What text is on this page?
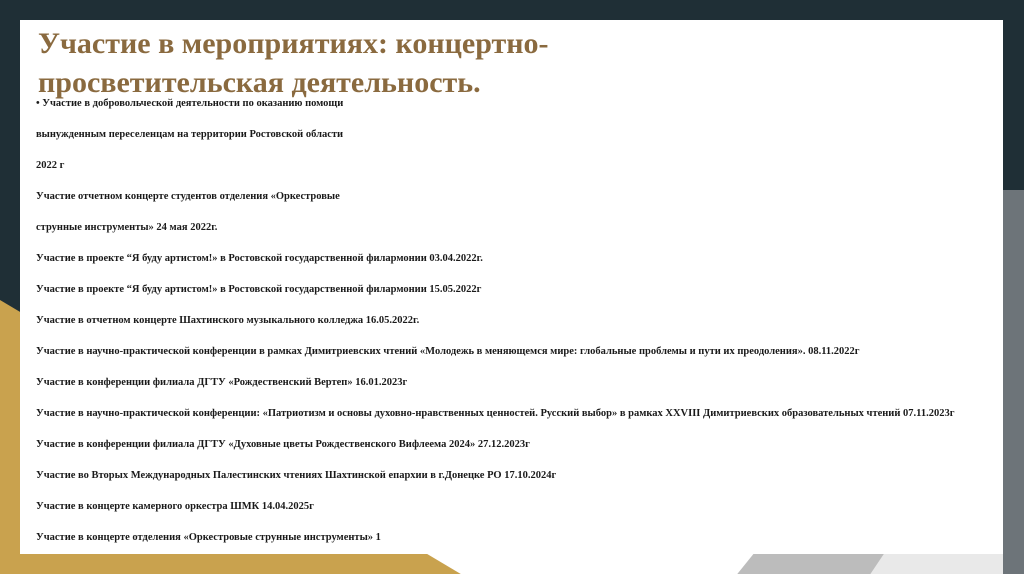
Участие в мероприятиях: концертно-просветительская деятельность.
• Участие в добровольческой деятельности по оказанию помощи
вынужденным переселенцам на территории Ростовской области
2022 г
Участие отчетном концерте студентов отделения «Оркестровые
струнные инструменты» 24 мая 2022г.
Участие в проекте “Я буду артистом!» в Ростовской государственной филармонии 03.04.2022г.
Участие в проекте “Я буду артистом!» в Ростовской государственной филармонии 15.05.2022г
Участие в отчетном концерте Шахтинского музыкального колледжа 16.05.2022г.
Участие в научно-практической конференции в рамках Димитриевских чтений «Молодежь в меняющемся мире: глобальные проблемы и пути их преодоления». 08.11.2022г
Участие в конференции филиала ДГТУ «Рождественский Вертеп» 16.01.2023г
Участие в научно-практической конференции: «Патриотизм и основы духовно-нравственных ценностей. Русский выбор» в рамках XXVIII Димитриевских образовательных чтений 07.11.2023г
Участие в конференции филиала ДГТУ «Духовные цветы Рождественского Вифлеема 2024» 27.12.2023г
Участие во Вторых Международных Палестинских чтениях Шахтинской епархии в г.Донецке РО 17.10.2024г
Участие в концерте камерного оркестра ШМК 14.04.2025г
Участие в концерте отделения «Оркестровые струнные инструменты» 1
